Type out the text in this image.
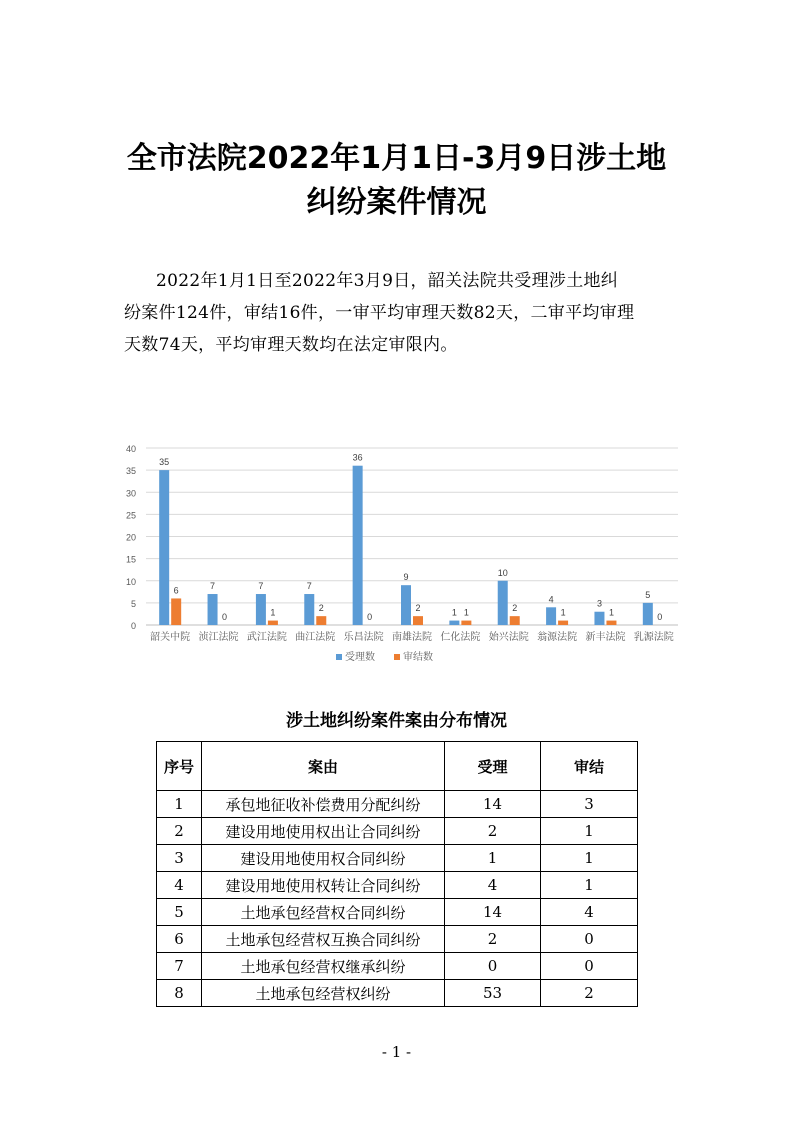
全市法院2022年1月1日-3月9日涉土地
纠纷案件情况
2022年1月1日至2022年3月9日，韶关法院共受理涉土地纠
纷案件124件，审结16件，一审平均审理天数82天，二审平均审理
天数74天，平均审理天数均在法定审限内。
0
5
10
15
20
25
30
35
40
35
6
韶关中院
7
0
浈江法院
7
1
武江法院
7
2
曲江法院
36
0
乐昌法院
9
2
南雄法院
1 1
仁化法院
10
2
始兴法院
4
1
翁源法院
3
1
新丰法院
5
0
乳源法院
受理数	审结数
涉土地纠纷案件案由分布情况
序号	案由	受理	审结
1	承包地征收补偿费用分配纠纷	14	3
2	建设用地使用权出让合同纠纷	2	1
3	建设用地使用权合同纠纷	1	1
4	建设用地使用权转让合同纠纷	4	1
5	土地承包经营权合同纠纷	14	4
6	土地承包经营权互换合同纠纷	2	0
7	土地承包经营权继承纠纷	0	0
8	土地承包经营权纠纷	53	2
- 1 -
